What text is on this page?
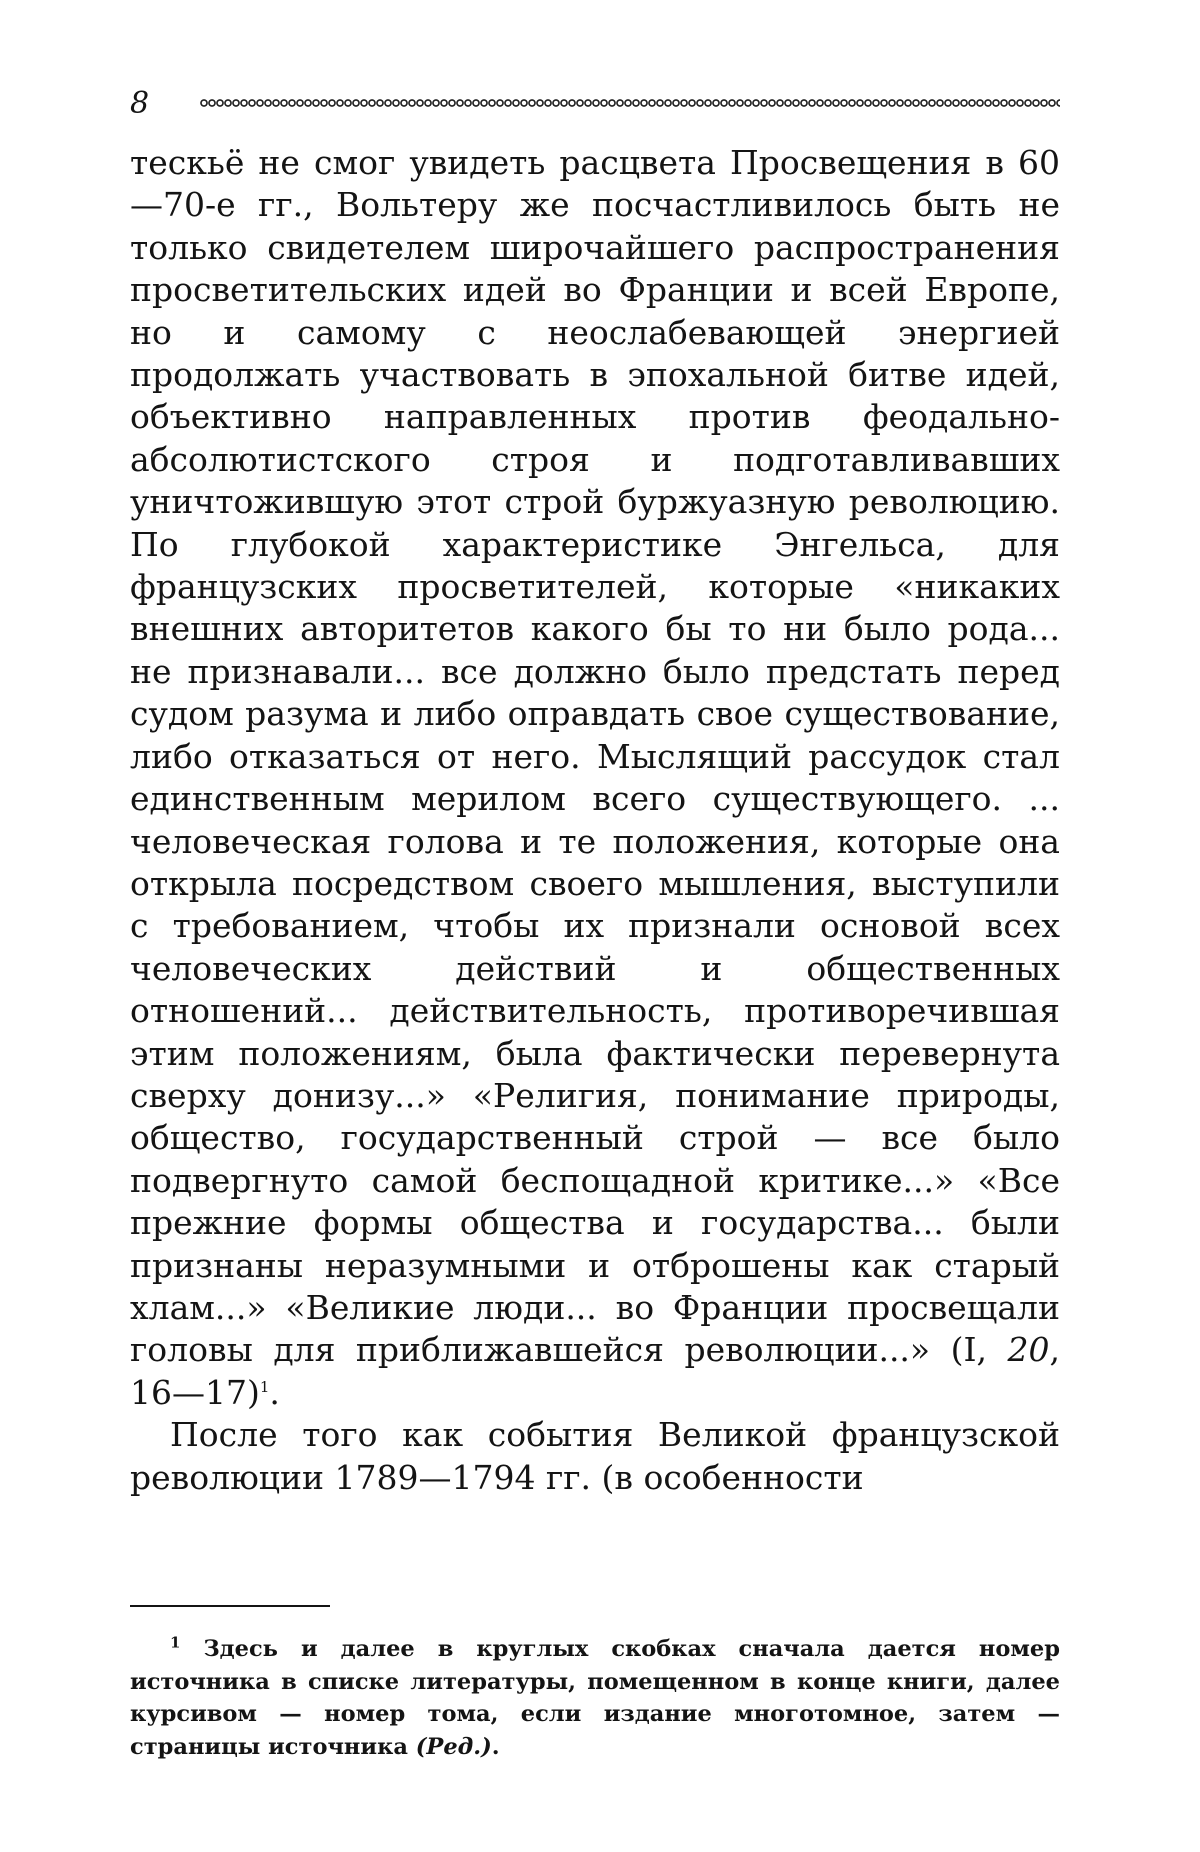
8

тескьё не смог увидеть расцвета Просвещения в 60—70-е гг., Вольтеру же посчастливилось быть не только свидетелем широчайшего распространения просветительских идей во Франции и всей Европе, но и самому с неослабевающей энергией продолжать участвовать в эпохальной битве идей, объективно направленных против феодально-абсолютистского строя и подготавливавших уничтожившую этот строй буржуазную революцию. По глубокой характеристике Энгельса, для французских просветителей, которые «никаких внешних авторитетов какого бы то ни было рода... не признавали... все должно было предстать перед судом разума и либо оправдать свое существование, либо отказаться от него. Мыслящий рассудок стал единственным мерилом всего существующего. ... человеческая голова и те положения, которые она открыла посредством своего мышления, выступили с требованием, чтобы их признали основой всех человеческих действий и общественных отношений... действительность, противоречившая этим положениям, была фактически перевернута сверху донизу...» «Религия, понимание природы, общество, государственный строй — все было подвергнуто самой беспощадной критике...» «Все прежние формы общества и государства... были признаны неразумными и отброшены как старый хлам...» «Великие люди... во Франции просвещали головы для приближавшейся революции...» (I, 20, 16—17)$^1$.

После того как события Великой французской революции 1789—1794 гг. (в особенности

$^1$ Здесь и далее в круглых скобках сначала дается номер источника в списке литературы, помещенном в конце книги, далее курсивом — номер тома, если издание многотомное, затем — страницы источника (Ред.).
